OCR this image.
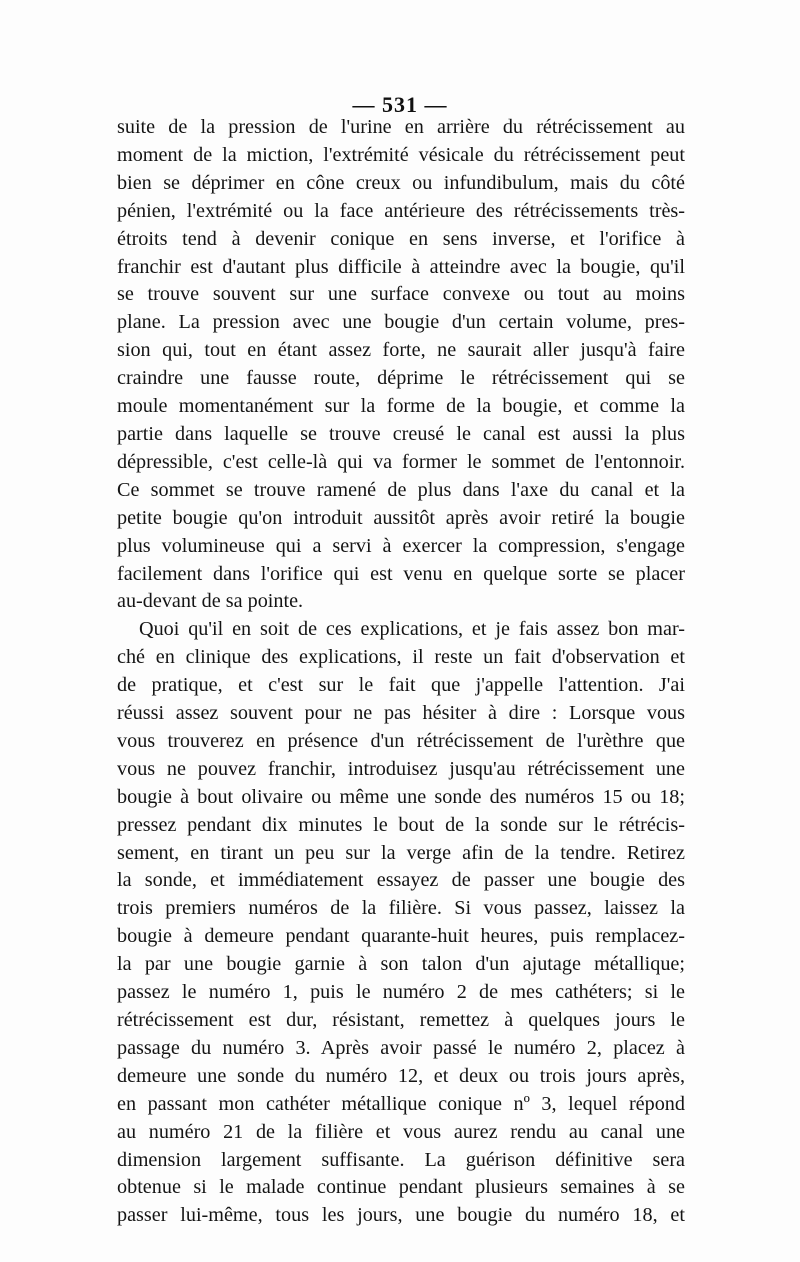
— 531 —
suite de la pression de l'urine en arrière du rétrécissement au
moment de la miction, l'extrémité vésicale du rétrécissement peut
bien se déprimer en cône creux ou infundibulum, mais du côté
pénien, l'extrémité ou la face antérieure des rétrécissements très-
étroits tend à devenir conique en sens inverse, et l'orifice à
franchir est d'autant plus difficile à atteindre avec la bougie, qu'il
se trouve souvent sur une surface convexe ou tout au moins
plane. La pression avec une bougie d'un certain volume, pres-
sion qui, tout en étant assez forte, ne saurait aller jusqu'à faire
craindre une fausse route, déprime le rétrécissement qui se
moule momentanément sur la forme de la bougie, et comme la
partie dans laquelle se trouve creusé le canal est aussi la plus
dépressible, c'est celle-là qui va former le sommet de l'entonnoir.
Ce sommet se trouve ramené de plus dans l'axe du canal et la
petite bougie qu'on introduit aussitôt après avoir retiré la bougie
plus volumineuse qui a servi à exercer la compression, s'engage
facilement dans l'orifice qui est venu en quelque sorte se placer
au-devant de sa pointe.
Quoi qu'il en soit de ces explications, et je fais assez bon mar-
ché en clinique des explications, il reste un fait d'observation et
de pratique, et c'est sur le fait que j'appelle l'attention. J'ai
réussi assez souvent pour ne pas hésiter à dire : Lorsque vous
vous trouverez en présence d'un rétrécissement de l'urèthre que
vous ne pouvez franchir, introduisez jusqu'au rétrécissement une
bougie à bout olivaire ou même une sonde des numéros 15 ou 18;
pressez pendant dix minutes le bout de la sonde sur le rétrécis-
sement, en tirant un peu sur la verge afin de la tendre. Retirez
la sonde, et immédiatement essayez de passer une bougie des
trois premiers numéros de la filière. Si vous passez, laissez la
bougie à demeure pendant quarante-huit heures, puis remplacez-
la par une bougie garnie à son talon d'un ajutage métallique;
passez le numéro 1, puis le numéro 2 de mes cathéters; si le
rétrécissement est dur, résistant, remettez à quelques jours le
passage du numéro 3. Après avoir passé le numéro 2, placez à
demeure une sonde du numéro 12, et deux ou trois jours après,
en passant mon cathéter métallique conique nº 3, lequel répond
au numéro 21 de la filière et vous aurez rendu au canal une
dimension largement suffisante. La guérison définitive sera
obtenue si le malade continue pendant plusieurs semaines à se
passer lui-même, tous les jours, une bougie du numéro 18, et
